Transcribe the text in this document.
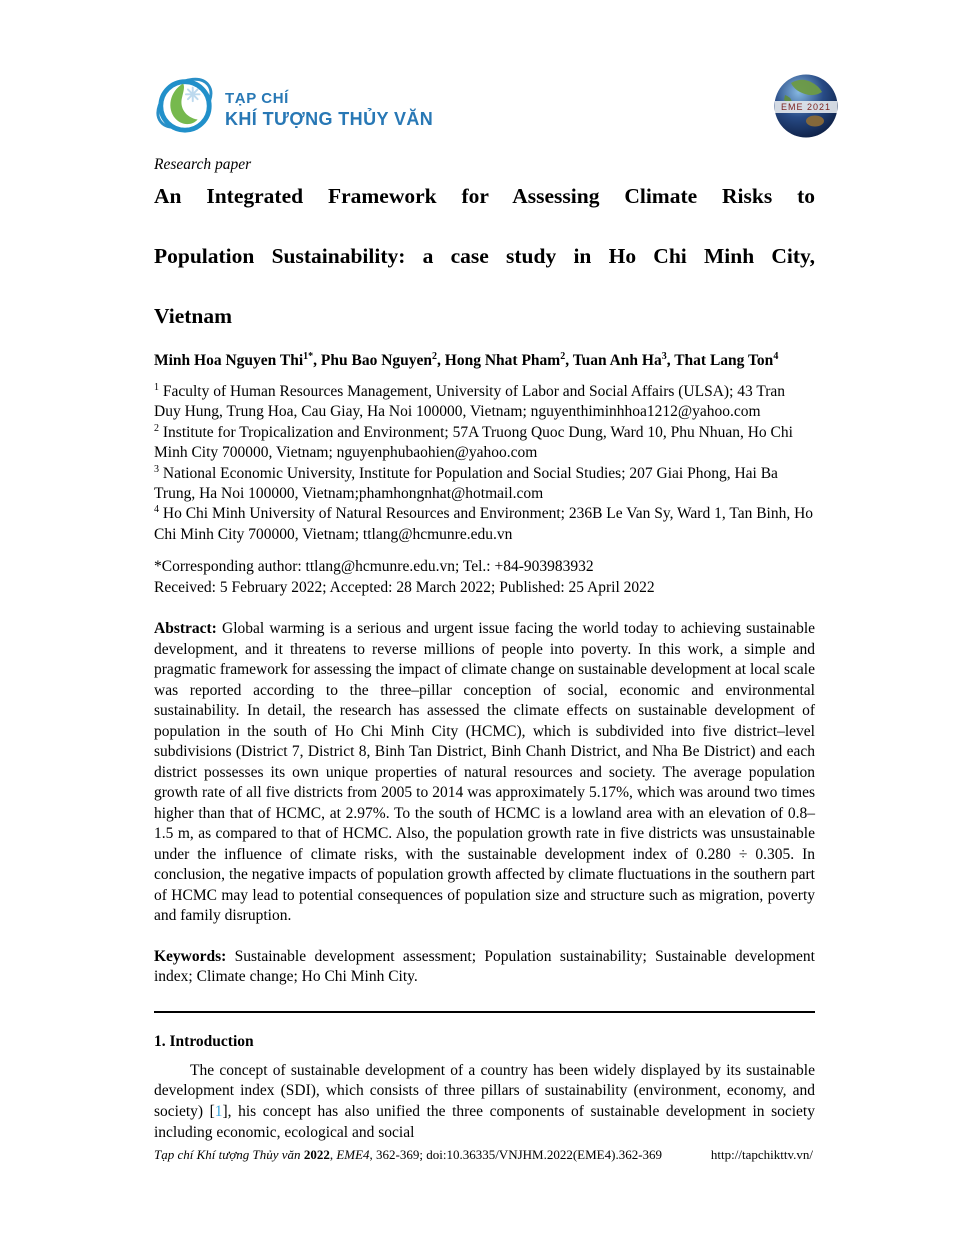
TẠP CHÍ
KHÍ TƯỢNG THỦY VĂN
EME 2021
Research paper
An Integrated Framework for Assessing Climate Risks to
Population Sustainability: a case study in Ho Chi Minh City,
Vietnam

Minh Hoa Nguyen Thi$^{1*}$, Phu Bao Nguyen$^2$, Hong Nhat Pham$^2$, Tuan Anh Ha$^3$, That Lang Ton$^4$

$^1$ Faculty of Human Resources Management, University of Labor and Social Affairs (ULSA); 43 Tran Duy Hung, Trung Hoa, Cau Giay, Ha Noi 100000, Vietnam; nguyenthiminhhoa1212@yahoo.com

$^2$ Institute for Tropicalization and Environment; 57A Truong Quoc Dung, Ward 10, Phu Nhuan, Ho Chi Minh City 700000, Vietnam; nguyenphubaohien@yahoo.com

$^3$ National Economic University, Institute for Population and Social Studies; 207 Giai Phong, Hai Ba Trung, Ha Noi 100000, Vietnam;phamhongnhat@hotmail.com

$^4$ Ho Chi Minh University of Natural Resources and Environment; 236B Le Van Sy, Ward 1, Tan Binh, Ho Chi Minh City 700000, Vietnam; ttlang@hcmunre.edu.vn

*Corresponding author: ttlang@hcmunre.edu.vn; Tel.: +84-903983932

Received: 5 February 2022; Accepted: 28 March 2022; Published: 25 April 2022

Abstract: Global warming is a serious and urgent issue facing the world today to achieving sustainable development, and it threatens to reverse millions of people into poverty. In this work, a simple and pragmatic framework for assessing the impact of climate change on sustainable development at local scale was reported according to the three–pillar conception of social, economic and environmental sustainability. In detail, the research has assessed the climate effects on sustainable development of population in the south of Ho Chi Minh City (HCMC), which is subdivided into five district–level subdivisions (District 7, District 8, Binh Tan District, Binh Chanh District, and Nha Be District) and each district possesses its own unique properties of natural resources and society. The average population growth rate of all five districts from 2005 to 2014 was approximately 5.17%, which was around two times higher than that of HCMC, at 2.97%. To the south of HCMC is a lowland area with an elevation of 0.8–1.5 m, as compared to that of HCMC. Also, the population growth rate in five districts was unsustainable under the influence of climate risks, with the sustainable development index of 0.280 ÷ 0.305. In conclusion, the negative impacts of population growth affected by climate fluctuations in the southern part of HCMC may lead to potential consequences of population size and structure such as migration, poverty and family disruption.

Keywords: Sustainable development assessment; Population sustainability; Sustainable development index; Climate change; Ho Chi Minh City.

1. Introduction

The concept of sustainable development of a country has been widely displayed by its sustainable development index (SDI), which consists of three pillars of sustainability (environment, economy, and society) [1], his concept has also unified the three components of sustainable development in society including economic, ecological and social

Tạp chí Khí tượng Thủy văn 2022, EME4, 362-369; doi:10.36335/VNJHM.2022(EME4).362-369	http://tapchikttv.vn/
